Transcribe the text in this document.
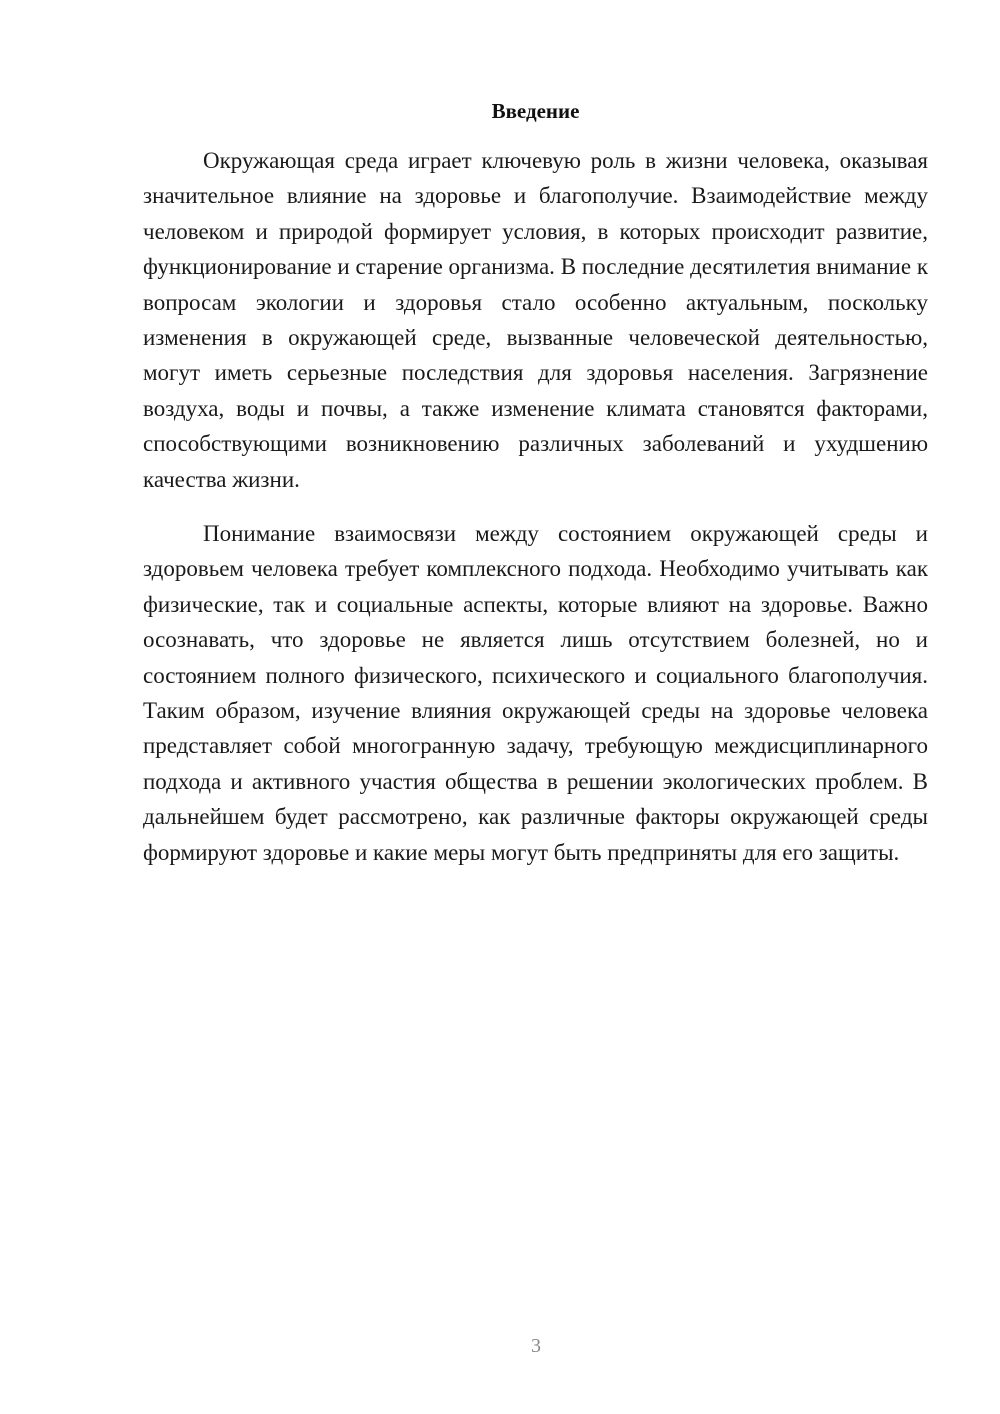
Введение

Окружающая среда играет ключевую роль в жизни человека, оказывая значительное влияние на здоровье и благополучие. Взаимодействие между человеком и природой формирует условия, в которых происходит развитие, функционирование и старение организма. В последние десятилетия внимание к вопросам экологии и здоровья стало особенно актуальным, поскольку изменения в окружающей среде, вызванные человеческой деятельностью, могут иметь серьезные последствия для здоровья населения. Загрязнение воздуха, воды и почвы, а также изменение климата становятся факторами, способствующими возникновению различных заболеваний и ухудшению качества жизни.

Понимание взаимосвязи между состоянием окружающей среды и здоровьем человека требует комплексного подхода. Необходимо учитывать как физические, так и социальные аспекты, которые влияют на здоровье. Важно осознавать, что здоровье не является лишь отсутствием болезней, но и состоянием полного физического, психического и социального благополучия. Таким образом, изучение влияния окружающей среды на здоровье человека представляет собой многогранную задачу, требующую междисциплинарного подхода и активного участия общества в решении экологических проблем. В дальнейшем будет рассмотрено, как различные факторы окружающей среды формируют здоровье и какие меры могут быть предприняты для его защиты.

3
